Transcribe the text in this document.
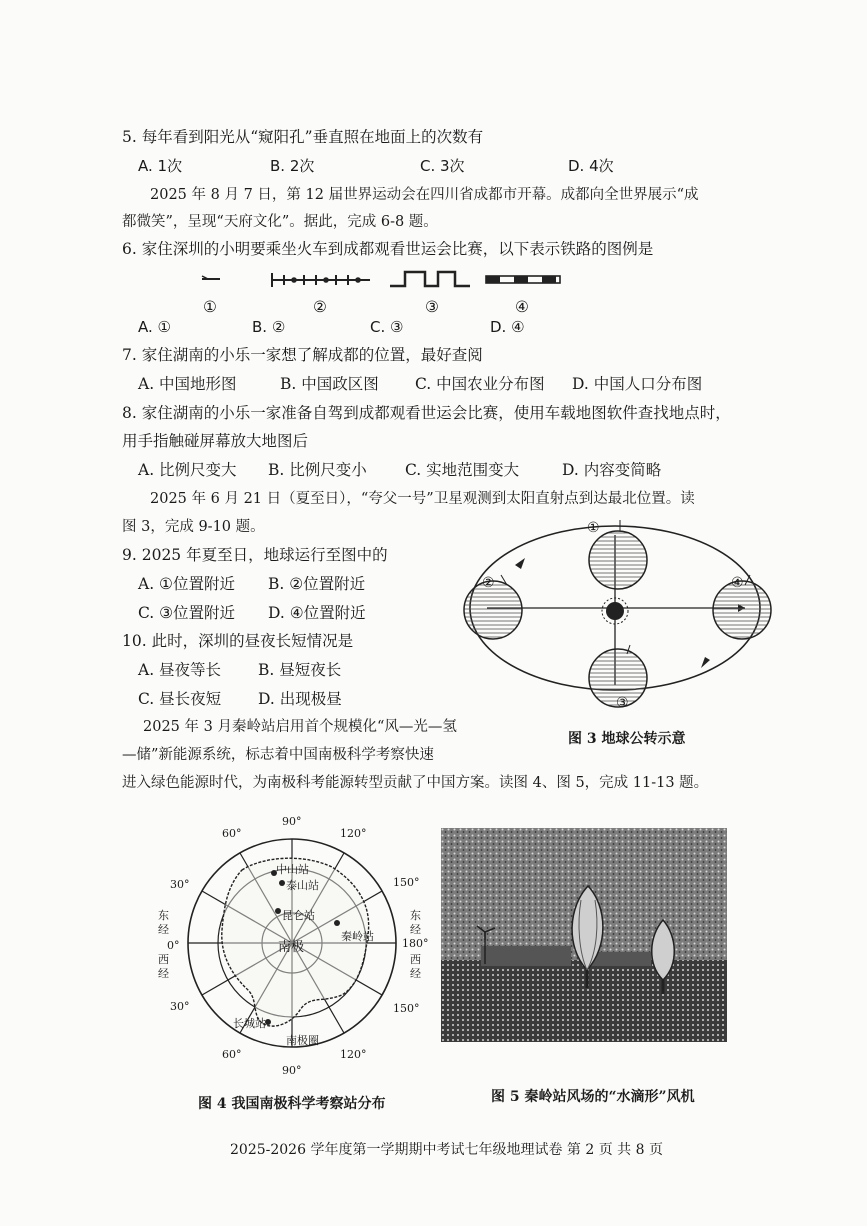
5. 每年看到阳光从“窥阳孔”垂直照在地面上的次数有
A. 1次	B. 2次	C. 3次	D. 4次
2025 年 8 月 7 日，第 12 届世界运动会在四川省成都市开幕。成都向全世界展示“成
都微笑”，呈现“天府文化”。据此，完成 6-8 题。
6. 家住深圳的小明要乘坐火车到成都观看世运会比赛，以下表示铁路的图例是
①	②	③	④
A. ①	B. ②	C. ③	D. ④
7. 家住湖南的小乐一家想了解成都的位置，最好查阅
A. 中国地形图	B. 中国政区图 C. 中国农业分布图 D. 中国人口分布图
8. 家住湖南的小乐一家准备自驾到成都观看世运会比赛，使用车载地图软件查找地点时，
用手指触碰屏幕放大地图后
A. 比例尺变大 B. 比例尺变小 C. 实地范围变大	D. 内容变简略
2025 年 6 月 21 日（夏至日），“夸父一号”卫星观测到太阳直射点到达最北位置。读
图 3，完成 9-10 题。
9. 2025 年夏至日，地球运行至图中的
A. ①位置附近 B. ②位置附近
C. ③位置附近 D. ④位置附近
10. 此时，深圳的昼夜长短情况是
A. 昼夜等长 B. 昼短夜长
C. 昼长夜短 D. 出现极昼
①
②
③
④
图 3 地球公转示意
2025 年 3 月秦岭站启用首个规模化“风—光—氢
—储”新能源系统，标志着中国南极科学考察快速
进入绿色能源时代，为南极科考能源转型贡献了中国方案。读图 4、图 5，完成 11-13 题。
90°
60°	120°
30°	150°
0°	180°
30°	150°
60°	120°
90°
东
经
西
经
东
经
西
经
中山站
泰山站
昆仑站
秦岭站
长城站
南极
南极圈
图 4 我国南极科学考察站分布	图 5 秦岭站风场的“水滴形”风机
2025-2026 学年度第一学期期中考试七年级地理试卷 第 2 页 共 8 页
